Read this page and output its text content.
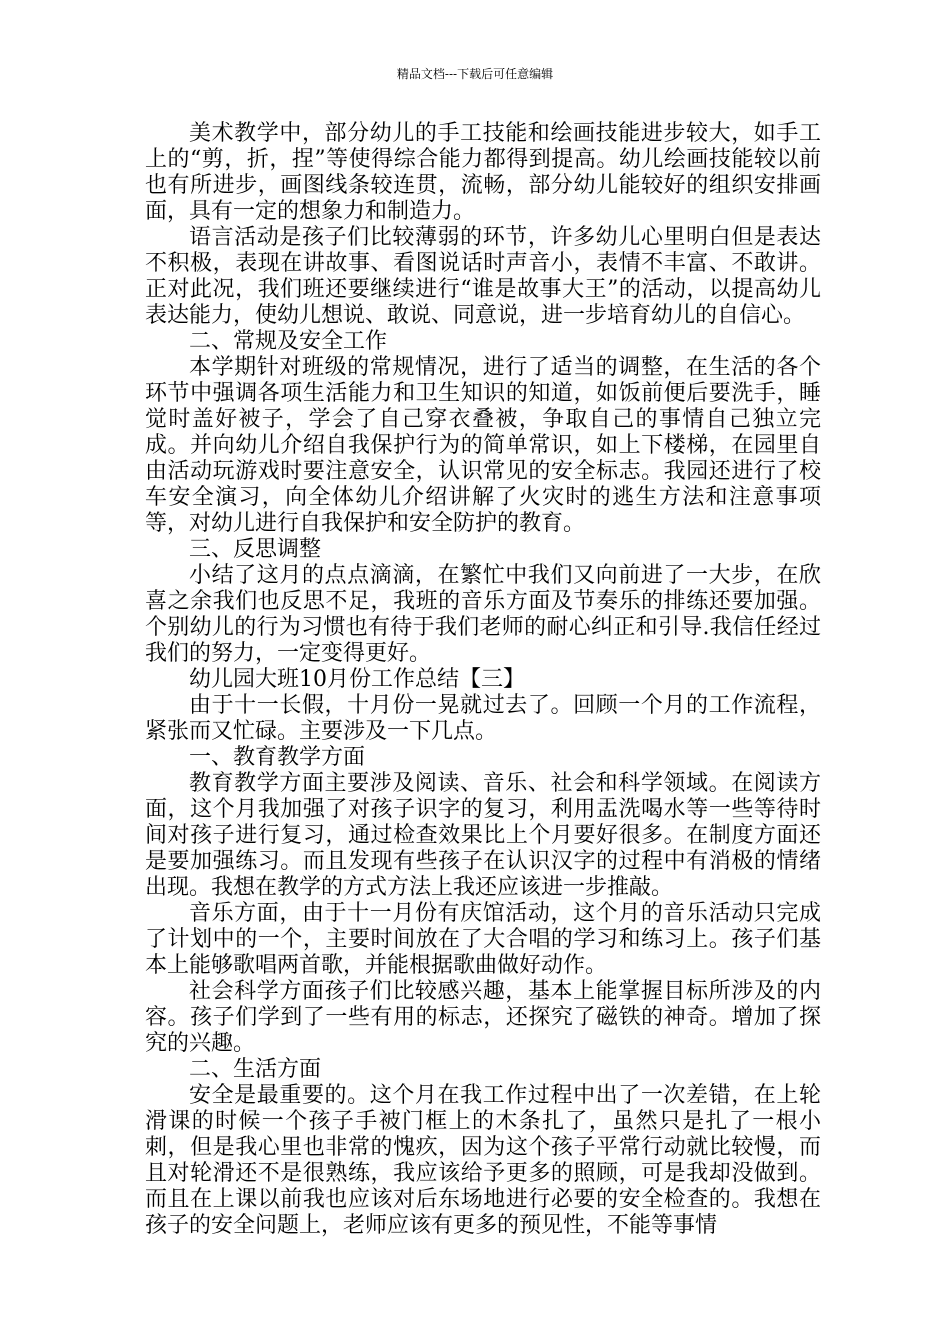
精品文档---下载后可任意编辑

美术教学中，部分幼儿的手工技能和绘画技能进步较大，如手工上的“剪，折，捏”等使得综合能力都得到提高。幼儿绘画技能较以前也有所进步，画图线条较连贯，流畅，部分幼儿能较好的组织安排画面，具有一定的想象力和制造力。

语言活动是孩子们比较薄弱的环节，许多幼儿心里明白但是表达不积极，表现在讲故事、看图说话时声音小，表情不丰富、不敢讲。正对此况，我们班还要继续进行“谁是故事大王”的活动，以提高幼儿表达能力，使幼儿想说、敢说、同意说，进一步培育幼儿的自信心。

二、常规及安全工作

本学期针对班级的常规情况，进行了适当的调整，在生活的各个环节中强调各项生活能力和卫生知识的知道，如饭前便后要洗手，睡觉时盖好被子，学会了自己穿衣叠被，争取自己的事情自己独立完成。并向幼儿介绍自我保护行为的简单常识，如上下楼梯，在园里自由活动玩游戏时要注意安全，认识常见的安全标志。我园还进行了校车安全演习，向全体幼儿介绍讲解了火灾时的逃生方法和注意事项等，对幼儿进行自我保护和安全防护的教育。

三、反思调整

小结了这月的点点滴滴，在繁忙中我们又向前进了一大步，在欣喜之余我们也反思不足，我班的音乐方面及节奏乐的排练还要加强。个别幼儿的行为习惯也有待于我们老师的耐心纠正和引导.我信任经过我们的努力，一定变得更好。

幼儿园大班10月份工作总结【三】

由于十一长假，十月份一晃就过去了。回顾一个月的工作流程，紧张而又忙碌。主要涉及一下几点。

一、教育教学方面

教育教学方面主要涉及阅读、音乐、社会和科学领域。在阅读方面，这个月我加强了对孩子识字的复习，利用盂洗喝水等一些等待时间对孩子进行复习，通过检查效果比上个月要好很多。在制度方面还是要加强练习。而且发现有些孩子在认识汉字的过程中有消极的情绪出现。我想在教学的方式方法上我还应该进一步推敲。

音乐方面，由于十一月份有庆馆活动，这个月的音乐活动只完成了计划中的一个，主要时间放在了大合唱的学习和练习上。孩子们基本上能够歌唱两首歌，并能根据歌曲做好动作。

社会科学方面孩子们比较感兴趣，基本上能掌握目标所涉及的内容。孩子们学到了一些有用的标志，还探究了磁铁的神奇。增加了探究的兴趣。

二、生活方面

安全是最重要的。这个月在我工作过程中出了一次差错，在上轮滑课的时候一个孩子手被门框上的木条扎了，虽然只是扎了一根小刺，但是我心里也非常的愧疚，因为这个孩子平常行动就比较慢，而且对轮滑还不是很熟练，我应该给予更多的照顾，可是我却没做到。而且在上课以前我也应该对后东场地进行必要的安全检查的。我想在孩子的安全问题上，老师应该有更多的预见性，不能等事情
